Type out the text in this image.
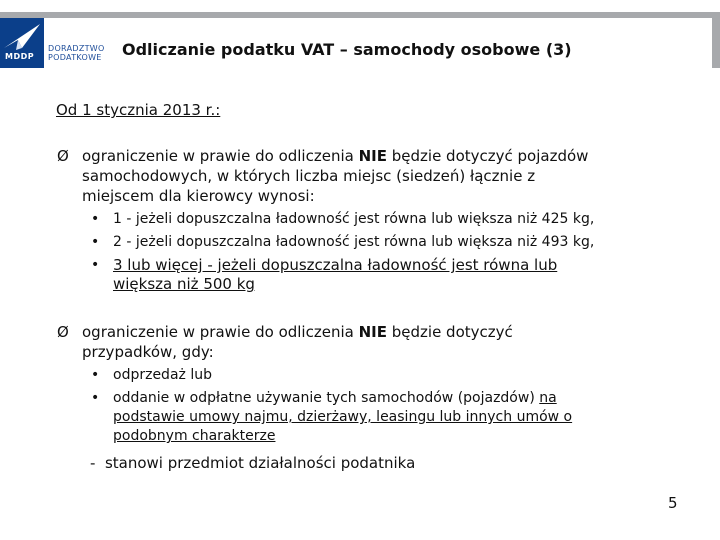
MDDP
DORADZTWO
PODATKOWE Odliczanie podatku VAT – samochody osobowe (3)
Od 1 stycznia 2013 r.:
Ø ograniczenie w prawie do odliczenia NIE będzie dotyczyć pojazdów
samochodowych, w których liczba miejsc (siedzeń) łącznie z
miejscem dla kierowcy wynosi:
• 1 - jeżeli dopuszczalna ładowność jest równa lub większa niż 425 kg,
• 2 - jeżeli dopuszczalna ładowność jest równa lub większa niż 493 kg,
• 3 lub więcej - jeżeli dopuszczalna ładowność jest równa lub
większa niż 500 kg
Ø ograniczenie w prawie do odliczenia NIE będzie dotyczyć
przypadków, gdy:
• odprzedaż lub
• oddanie w odpłatne używanie tych samochodów (pojazdów) na
podstawie umowy najmu, dzierżawy, leasingu lub innych umów o
podobnym charakterze
-  stanowi przedmiot działalności podatnika
5
